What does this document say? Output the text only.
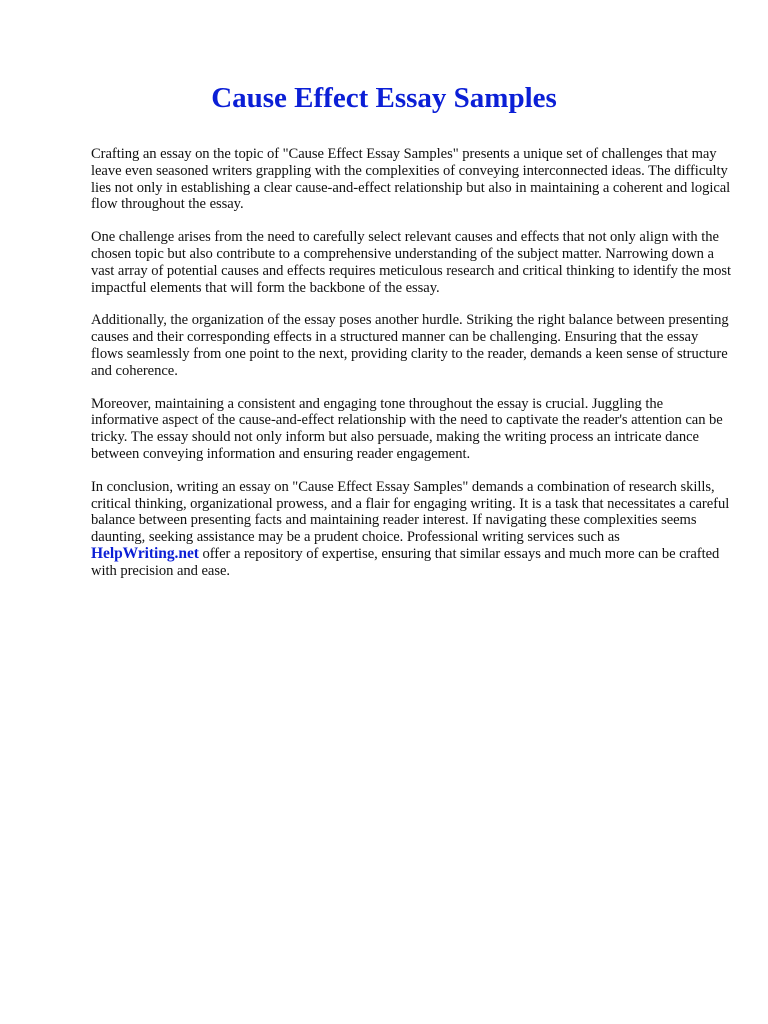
Cause Effect Essay Samples

Crafting an essay on the topic of "Cause Effect Essay Samples" presents a unique set of challenges that may leave even seasoned writers grappling with the complexities of conveying interconnected ideas. The difficulty lies not only in establishing a clear cause-and-effect relationship but also in maintaining a coherent and logical flow throughout the essay.

One challenge arises from the need to carefully select relevant causes and effects that not only align with the chosen topic but also contribute to a comprehensive understanding of the subject matter. Narrowing down a vast array of potential causes and effects requires meticulous research and critical thinking to identify the most impactful elements that will form the backbone of the essay.

Additionally, the organization of the essay poses another hurdle. Striking the right balance between presenting causes and their corresponding effects in a structured manner can be challenging. Ensuring that the essay flows seamlessly from one point to the next, providing clarity to the reader, demands a keen sense of structure and coherence.

Moreover, maintaining a consistent and engaging tone throughout the essay is crucial. Juggling the informative aspect of the cause-and-effect relationship with the need to captivate the reader's attention can be tricky. The essay should not only inform but also persuade, making the writing process an intricate dance between conveying information and ensuring reader engagement.

In conclusion, writing an essay on "Cause Effect Essay Samples" demands a combination of research skills, critical thinking, organizational prowess, and a flair for engaging writing. It is a task that necessitates a careful balance between presenting facts and maintaining reader interest. If navigating these complexities seems daunting, seeking assistance may be a prudent choice. Professional writing services such as HelpWriting.net offer a repository of expertise, ensuring that similar essays and much more can be crafted with precision and ease.
